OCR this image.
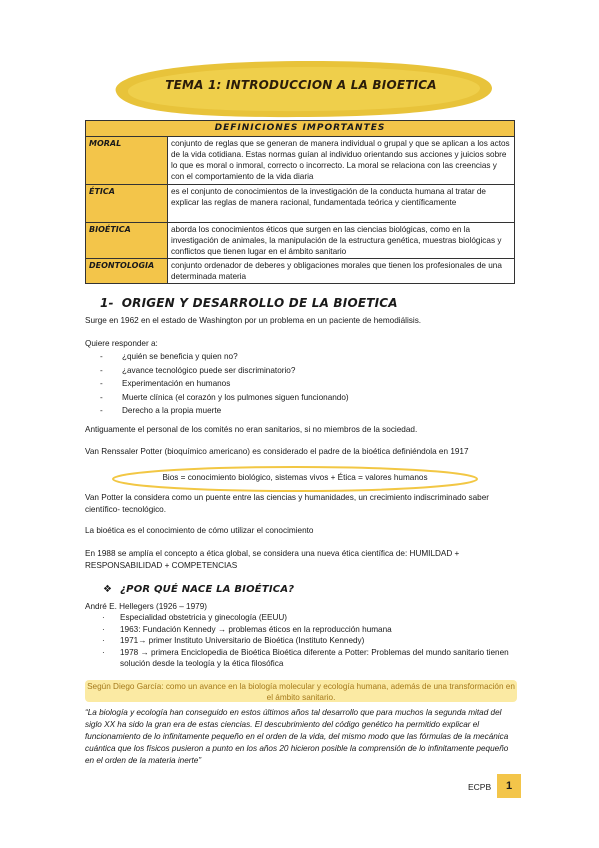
TEMA 1: INTRODUCCION A LA BIOETICA
DEFINICIONES IMPORTANTES	
MORAL	conjunto de reglas que se generan de manera individual o grupal y que se aplican a los actos de la vida cotidiana. Estas normas guían al individuo orientando sus acciones y juicios sobre lo que es moral o inmoral, correcto o incorrecto. La moral se relaciona con las creencias y con el comportamiento de la vida diaria
ÉTICA	es el conjunto de conocimientos de la investigación de la conducta humana al tratar de explicar las reglas de manera racional, fundamentada teórica y científicamente
BIOÉTICA	aborda los conocimientos éticos que surgen en las ciencias biológicas, como en la investigación de animales, la manipulación de la estructura genética, muestras biológicas y conflictos que tienen lugar en el ámbito sanitario
DEONTOLOGIA	conjunto ordenador de deberes y obligaciones morales que tienen los profesionales de una determinada materia
1- ORIGEN Y DESARROLLO DE LA BIOETICA
Surge en 1962 en el estado de Washington por un problema en un paciente de hemodiálisis.
Quiere responder a:
- ¿quién se beneficia y quien no?
- ¿avance tecnológico puede ser discriminatorio?
- Experimentación en humanos
- Muerte clínica (el corazón y los pulmones siguen funcionando)
- Derecho a la propia muerte
Antiguamente el personal de los comités no eran sanitarios, si no miembros de la sociedad.
Van Renssaler Potter (bioquímico americano) es considerado el padre de la bioética definiéndola en 1917
Bios = conocimiento biológico, sistemas vivos + Ética = valores humanos
Van Potter la considera como un puente entre las ciencias y humanidades, un crecimiento indiscriminado saber científico- tecnológico.
La bioética es el conocimiento de cómo utilizar el conocimiento
En 1988 se amplía el concepto a ética global, se considera una nueva ética científica de: HUMILDAD + RESPONSABILIDAD + COMPETENCIAS
❖ ¿POR QUÉ NACE LA BIOÉTICA?
André E. Hellegers (1926 – 1979)
· Especialidad obstetricia y ginecología (EEUU)
· 1963: Fundación Kennedy → problemas éticos en la reproducción humana
· 1971→ primer Instituto Universitario de Bioética (Instituto Kennedy)
· 1978 → primera Enciclopedia de Bioética Bioética diferente a Potter: Problemas del mundo sanitario tienen solución desde la teología y la ética filosófica
Según Diego García: como un avance en la biología molecular y ecología humana, además de una transformación en el ámbito sanitario.
“La biología y ecología han conseguido en estos últimos años tal desarrollo que para muchos la segunda mitad del siglo XX ha sido la gran era de estas ciencias. El descubrimiento del código genético ha permitido explicar el funcionamiento de lo infinitamente pequeño en el orden de la vida, del mismo modo que las fórmulas de la mecánica cuántica que los físicos pusieron a punto en los años 20 hicieron posible la comprensión de lo infinitamente pequeño en el orden de la materia inerte”
ECPB	1
